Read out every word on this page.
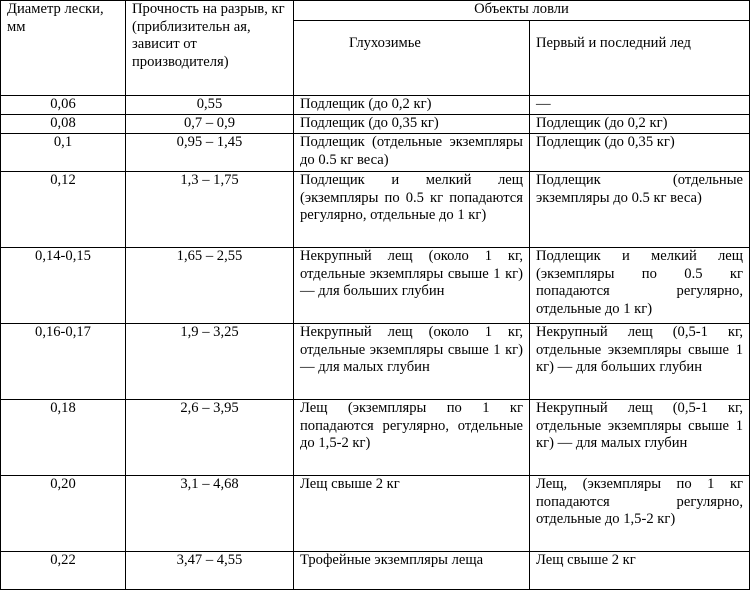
Диаметр лески, мм	Прочность на разрыв, кг (приблизительн ая, зависит от производителя)	Объекты ловли	
		Глухозимье	Первый и последний лед
0,06	0,55	Подлещик (до 0,2 кг)	—
0,08	0,7 – 0,9	Подлещик (до 0,35 кг)	Подлещик (до 0,2 кг)
0,1	0,95 – 1,45	Подлещик (отдельные экземпляры до 0.5 кг веса)	Подлещик (до 0,35 кг)
0,12	1,3 – 1,75	Подлещик и мелкий лещ (экземпляры по 0.5 кг попадаются регулярно, отдельные до 1 кг)	Подлещик (отдельные экземпляры до 0.5 кг веса)
0,14-0,15	1,65 – 2,55	Некрупный лещ (около 1 кг, отдельные экземпляры свыше 1 кг) — для больших глубин	Подлещик и мелкий лещ (экземпляры по 0.5 кг попадаются регулярно, отдельные до 1 кг)
0,16-0,17	1,9 – 3,25	Некрупный лещ (около 1 кг, отдельные экземпляры свыше 1 кг) — для малых глубин	Некрупный лещ (0,5-1 кг, отдельные экземпляры свыше 1 кг) — для больших глубин
0,18	2,6 – 3,95	Лещ (экземпляры по 1 кг попадаются регулярно, отдельные до 1,5-2 кг)	Некрупный лещ (0,5-1 кг, отдельные экземпляры свыше 1 кг) — для малых глубин
0,20	3,1 – 4,68	Лещ свыше 2 кг	Лещ, (экземпляры по 1 кг попадаются регулярно, отдельные до 1,5-2 кг)
0,22	3,47 – 4,55	Трофейные экземпляры леща	Лещ свыше 2 кг
